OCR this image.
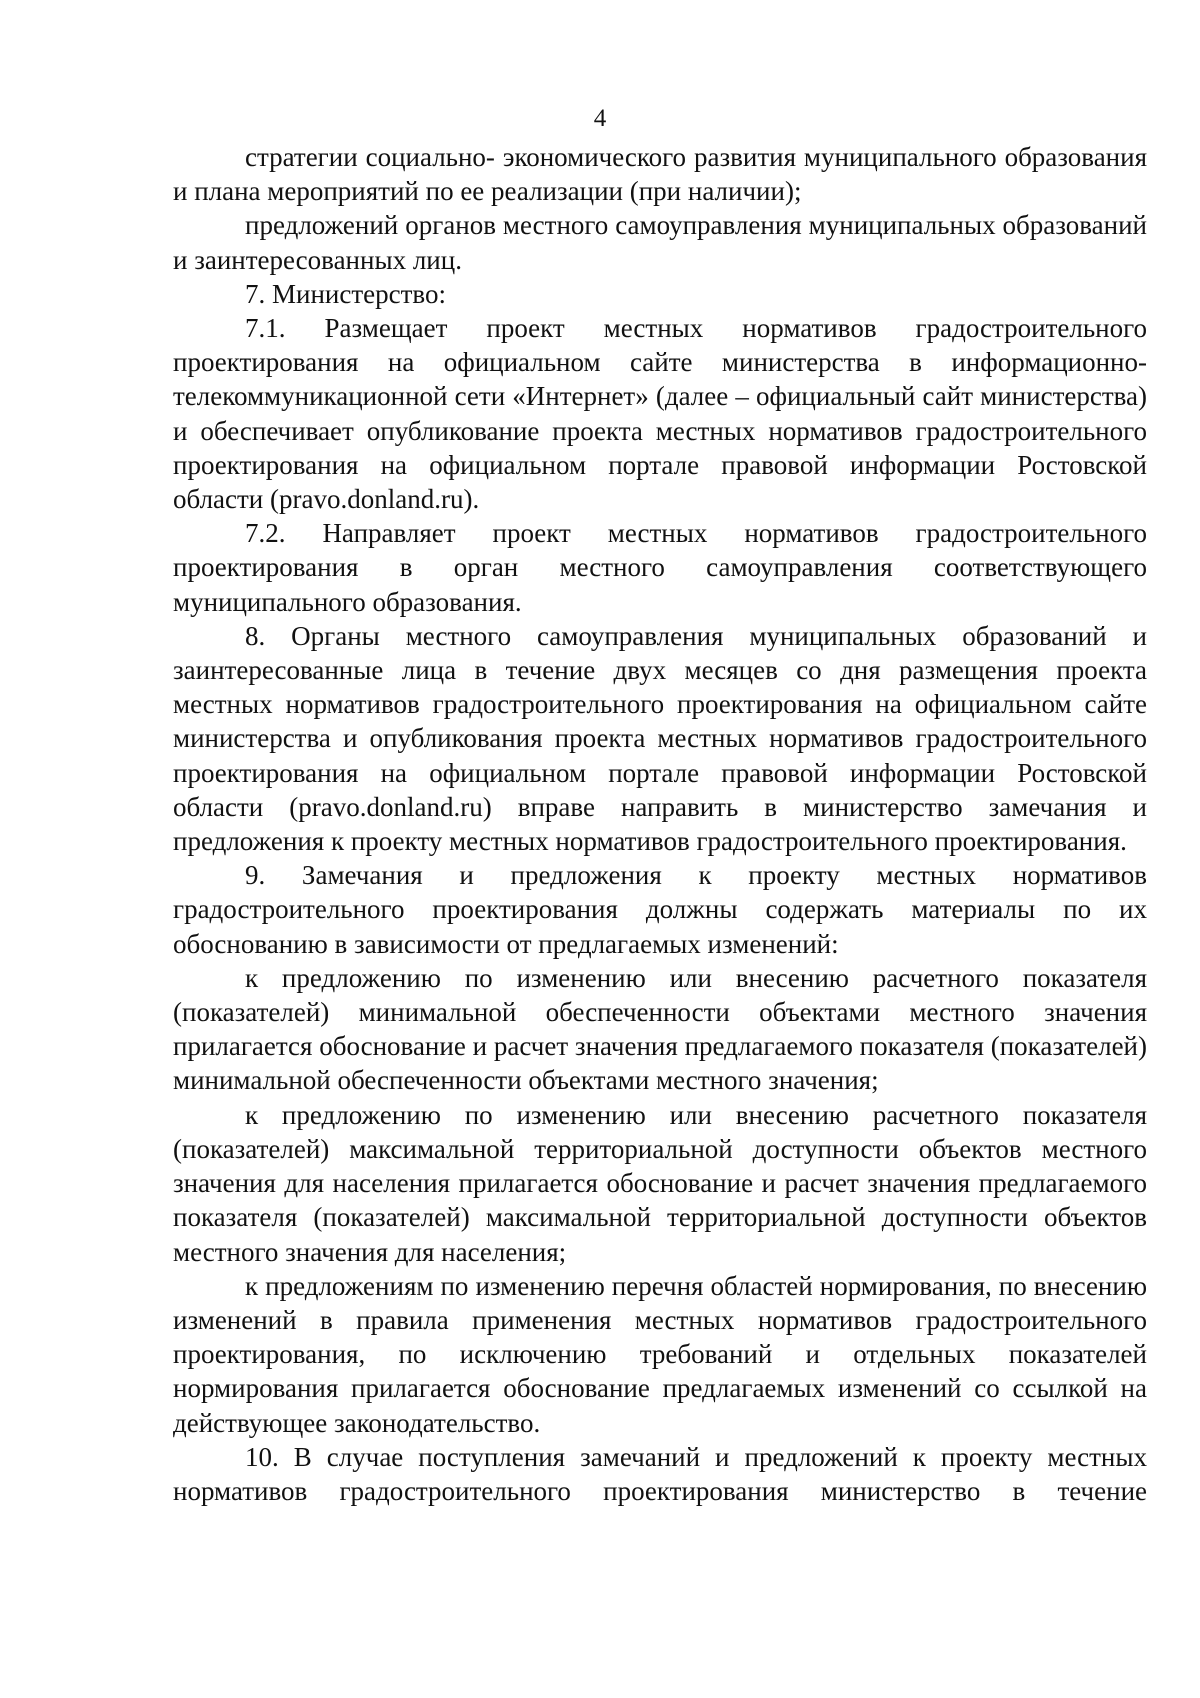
4

стратегии социально- экономического развития муниципального образования и плана мероприятий по ее реализации (при наличии);

предложений органов местного самоуправления муниципальных образований и заинтересованных лиц.

7. Министерство:

7.1. Размещает проект местных нормативов градостроительного проектирования на официальном сайте министерства в информационно-телекоммуникационной сети «Интернет» (далее – официальный сайт министерства) и обеспечивает опубликование проекта местных нормативов градостроительного проектирования на официальном портале правовой информации Ростовской области (pravo.donland.ru).

7.2. Направляет проект местных нормативов градостроительного проектирования в орган местного самоуправления соответствующего муниципального образования.

8. Органы местного самоуправления муниципальных образований и заинтересованные лица в течение двух месяцев со дня размещения проекта местных нормативов градостроительного проектирования на официальном сайте министерства и опубликования проекта местных нормативов градостроительного проектирования на официальном портале правовой информации Ростовской области (pravo.donland.ru) вправе направить в министерство замечания и предложения к проекту местных нормативов градостроительного проектирования.

9. Замечания и предложения к проекту местных нормативов градостроительного проектирования должны содержать материалы по их обоснованию в зависимости от предлагаемых изменений:

к предложению по изменению или внесению расчетного показателя (показателей) минимальной обеспеченности объектами местного значения прилагается обоснование и расчет значения предлагаемого показателя (показателей) минимальной обеспеченности объектами местного значения;

к предложению по изменению или внесению расчетного показателя (показателей) максимальной территориальной доступности объектов местного значения для населения прилагается обоснование и расчет значения предлагаемого показателя (показателей) максимальной территориальной доступности объектов местного значения для населения;

к предложениям по изменению перечня областей нормирования, по внесению изменений в правила применения местных нормативов градостроительного проектирования, по исключению требований и отдельных показателей нормирования прилагается обоснование предлагаемых изменений со ссылкой на действующее законодательство.

10. В случае поступления замечаний и предложений к проекту местных нормативов градостроительного проектирования министерство в течение
